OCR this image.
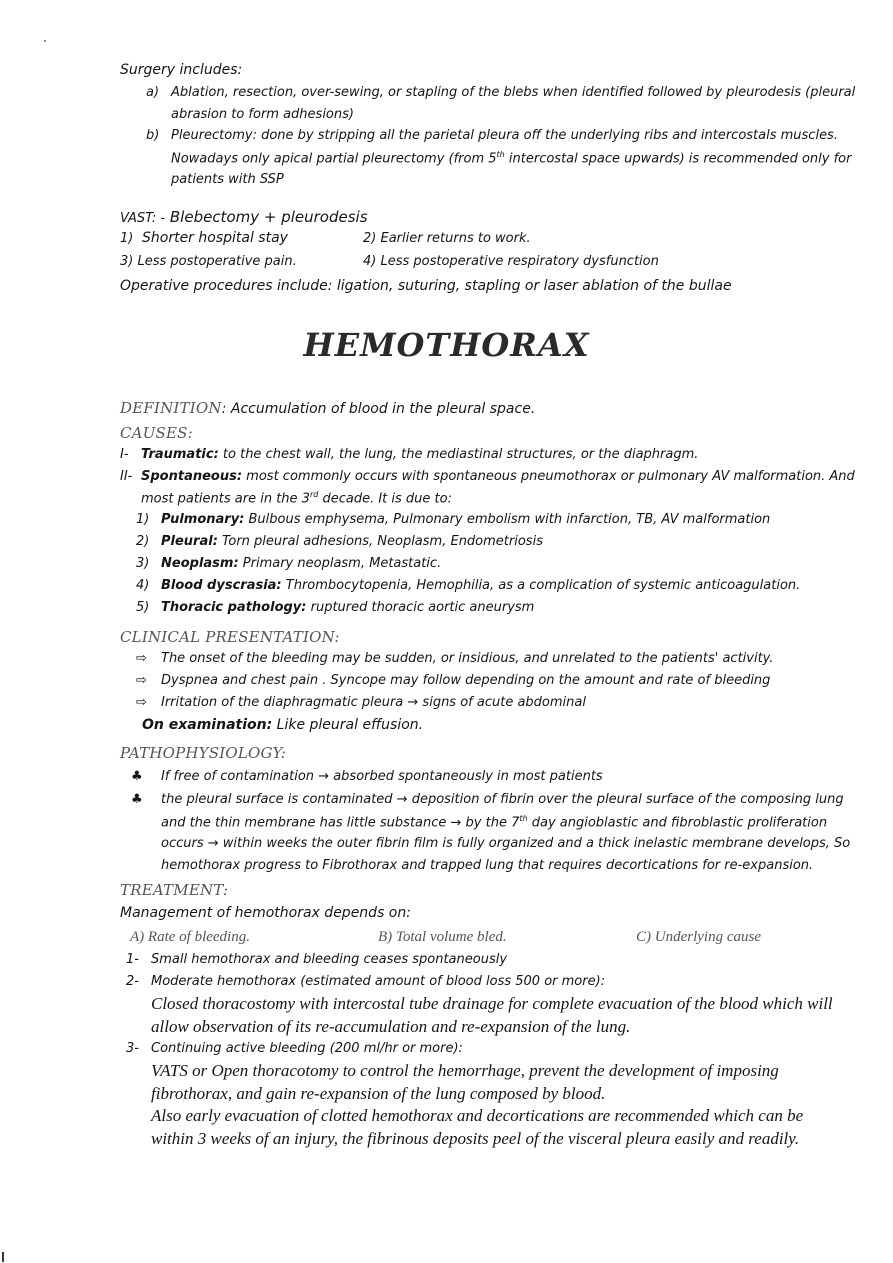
Surgery includes:
a) Ablation, resection, over-sewing, or stapling of the blebs when identified followed by pleurodesis (pleural
abrasion to form adhesions)
b) Pleurectomy: done by stripping all the parietal pleura off the underlying ribs and intercostals muscles.
Nowadays only apical partial pleurectomy (from 5th intercostal space upwards) is recommended only for
patients with SSP
VAST: - Blebectomy + pleurodesis
1) Shorter hospital stay	2) Earlier returns to work.
3) Less postoperative pain.	4) Less postoperative respiratory dysfunction
Operative procedures include: ligation, suturing, stapling or laser ablation of the bullae
HEMOTHORAX
DEFINITION: Accumulation of blood in the pleural space.
CAUSES:
I- Traumatic: to the chest wall, the lung, the mediastinal structures, or the diaphragm.
II- Spontaneous: most commonly occurs with spontaneous pneumothorax or pulmonary AV malformation. And
most patients are in the 3rd decade. It is due to:
1) Pulmonary: Bulbous emphysema, Pulmonary embolism with infarction, TB, AV malformation
2) Pleural: Torn pleural adhesions, Neoplasm, Endometriosis
3) Neoplasm: Primary neoplasm, Metastatic.
4) Blood dyscrasia: Thrombocytopenia, Hemophilia, as a complication of systemic anticoagulation.
5) Thoracic pathology: ruptured thoracic aortic aneurysm
CLINICAL PRESENTATION:
⇨ The onset of the bleeding may be sudden, or insidious, and unrelated to the patients' activity.
⇨ Dyspnea and chest pain . Syncope may follow depending on the amount and rate of bleeding
⇨ Irritation of the diaphragmatic pleura → signs of acute abdominal
On examination: Like pleural effusion.
PATHOPHYSIOLOGY:
♣ If free of contamination → absorbed spontaneously in most patients
♣ the pleural surface is contaminated → deposition of fibrin over the pleural surface of the composing lung
and the thin membrane has little substance → by the 7th day angioblastic and fibroblastic proliferation
occurs → within weeks the outer fibrin film is fully organized and a thick inelastic membrane develops, So
hemothorax progress to Fibrothorax and trapped lung that requires decortications for re-expansion.
TREATMENT:
Management of hemothorax depends on:
A) Rate of bleeding.	B) Total volume bled.	C) Underlying cause
1- Small hemothorax and bleeding ceases spontaneously
2- Moderate hemothorax (estimated amount of blood loss 500 or more):
Closed thoracostomy with intercostal tube drainage for complete evacuation of the blood which will
allow observation of its re-accumulation and re-expansion of the lung.
3- Continuing active bleeding (200 ml/hr or more):
VATS or Open thoracotomy to control the hemorrhage, prevent the development of imposing
fibrothorax, and gain re-expansion of the lung composed by blood.
Also early evacuation of clotted hemothorax and decortications are recommended which can be
within 3 weeks of an injury, the fibrinous deposits peel of the visceral pleura easily and readily.
